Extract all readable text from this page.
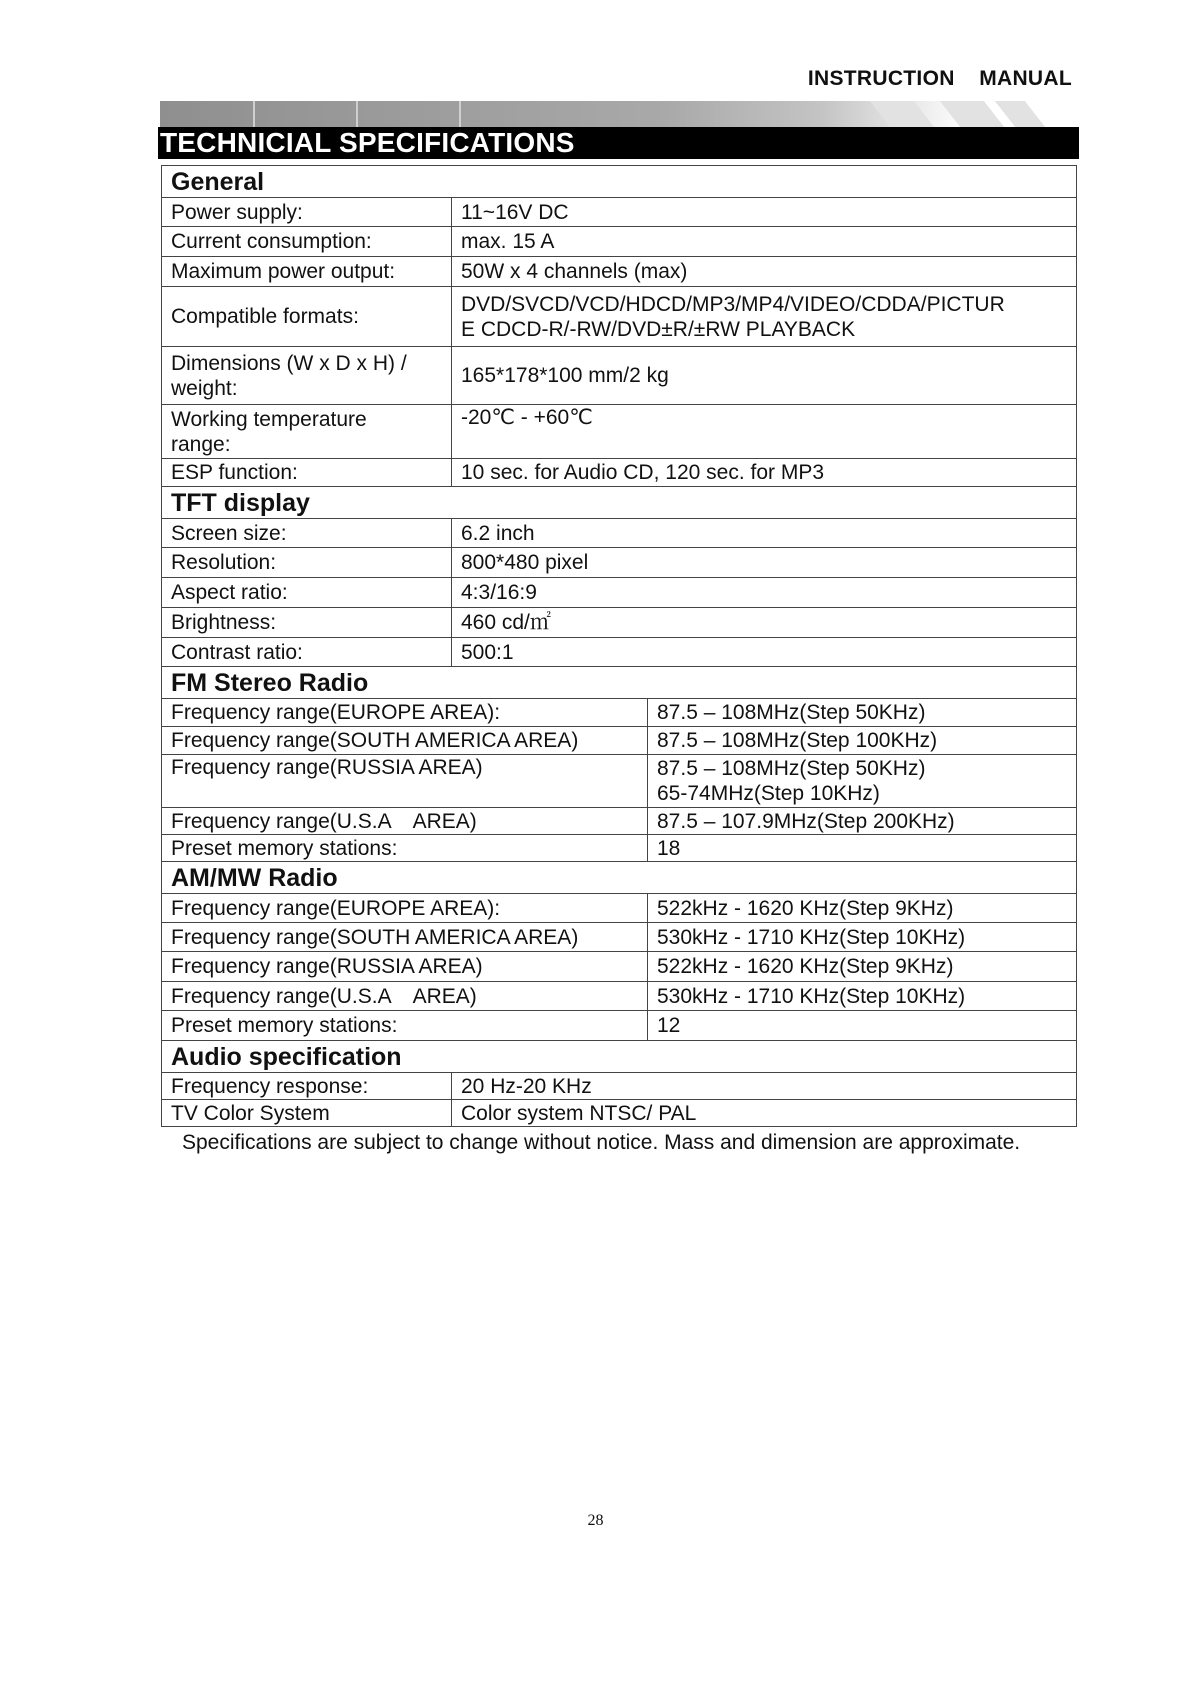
INSTRUCTION    MANUAL
TECHNICIAL SPECIFICATIONS
General		
Power supply:	11~16V DC	
Current consumption:	max. 15 A	
Maximum power output:	50W x 4 channels (max)	
Compatible formats:	DVD/SVCD/VCD/HDCD/MP3/MP4/VIDEO/CDDA/PICTUR
E CDCD-R/-RW/DVD±R/±RW PLAYBACK	

Dimensions (W x D x H) /
weight:	165*178*100 mm/2 kg	

Working temperature
range:	-20℃ - +60℃	
ESP function:	10 sec. for Audio CD, 120 sec. for MP3	
TFT display		
Screen size:	6.2 inch	
Resolution:	800*480 pixel	
Aspect ratio:	4:3/16:9	
Brightness:	460 cd/㎡	
Contrast ratio:	500:1	
FM Stereo Radio		
Frequency range(EUROPE AREA):		87.5 – 108MHz(Step 50KHz)
Frequency range(SOUTH AMERICA AREA)		87.5 – 108MHz(Step 100KHz)
Frequency range(RUSSIA AREA)		87.5 – 108MHz(Step 50KHz)
65-74MHz(Step 10KHz)

Frequency range(U.S.A    AREA)		87.5 – 107.9MHz(Step 200KHz)
Preset memory stations:		18
AM/MW Radio		
Frequency range(EUROPE AREA):		522kHz - 1620 KHz(Step 9KHz)
Frequency range(SOUTH AMERICA AREA)		530kHz - 1710 KHz(Step 10KHz)
Frequency range(RUSSIA AREA)		522kHz - 1620 KHz(Step 9KHz)
Frequency range(U.S.A    AREA)		530kHz - 1710 KHz(Step 10KHz)
Preset memory stations:		12
Audio specification		
Frequency response:	20 Hz-20 KHz	
TV Color System	Color system NTSC/ PAL	
Specifications are subject to change without notice. Mass and dimension are approximate.
28
